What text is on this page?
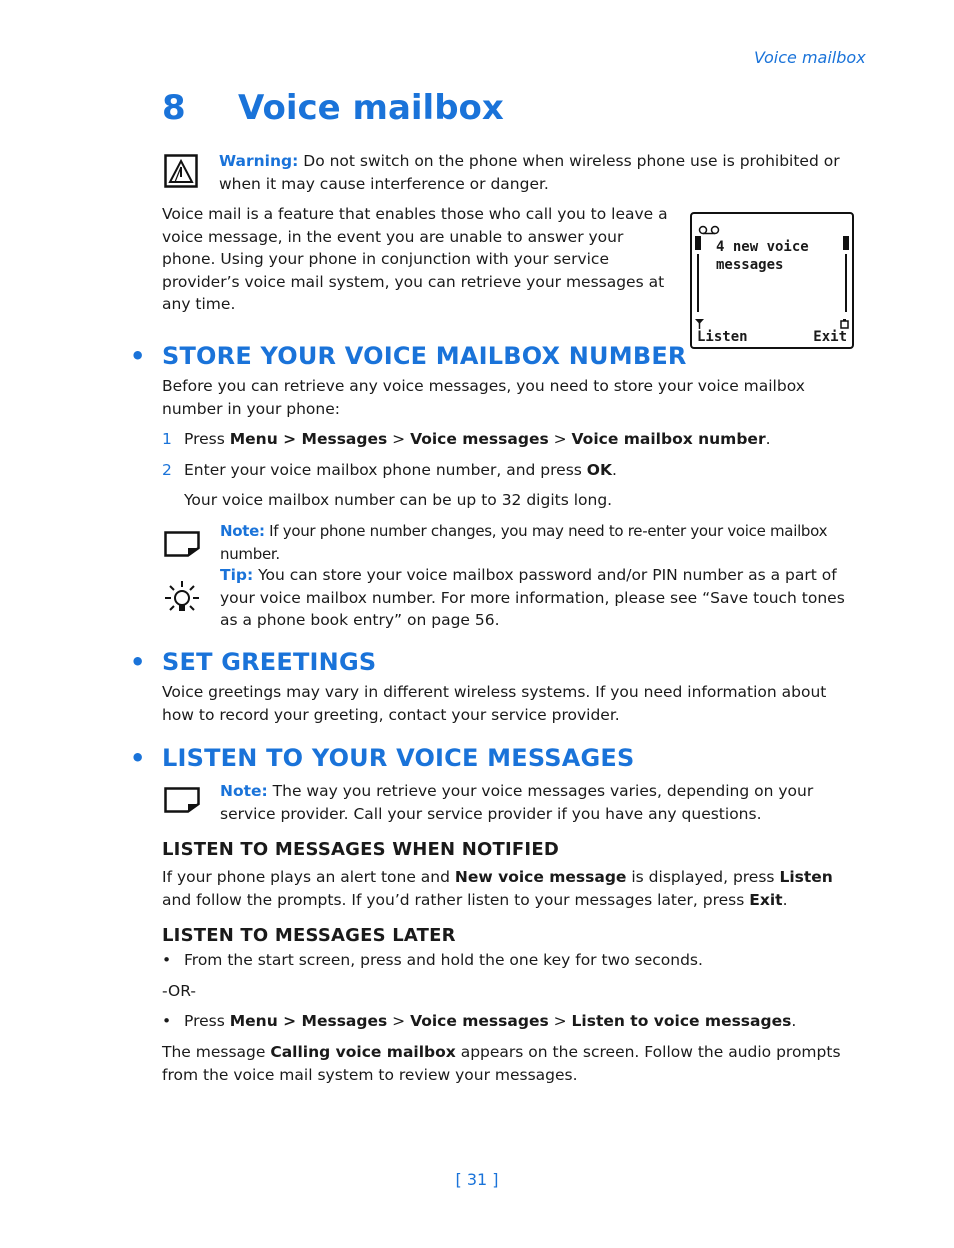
Voice mailbox
8 Voice mailbox
Warning: Do not switch on the phone when wireless phone use is prohibited or when it may cause interference or danger.
Voice mail is a feature that enables those who call you to leave a voice message, in the event you are unable to answer your phone. Using your phone in conjunction with your service provider’s voice mail system, you can retrieve your messages at any time.
4 new voice
messages
Listen	Exit
• STORE YOUR VOICE MAILBOX NUMBER
Before you can retrieve any voice messages, you need to store your voice mailbox number in your phone:
1 Press Menu > Messages > Voice messages > Voice mailbox number.
2 Enter your voice mailbox phone number, and press OK.
Your voice mailbox number can be up to 32 digits long.
Note: If your phone number changes, you may need to re-enter your voice mailbox number.
Tip: You can store your voice mailbox password and/or PIN number as a part of your voice mailbox number. For more information, please see “Save touch tones as a phone book entry” on page 56.
• SET GREETINGS
Voice greetings may vary in different wireless systems. If you need information about how to record your greeting, contact your service provider.
• LISTEN TO YOUR VOICE MESSAGES
Note: The way you retrieve your voice messages varies, depending on your service provider. Call your service provider if you have any questions.
LISTEN TO MESSAGES WHEN NOTIFIED
If your phone plays an alert tone and New voice message is displayed, press Listen and follow the prompts. If you’d rather listen to your messages later, press Exit.
LISTEN TO MESSAGES LATER
• From the start screen, press and hold the one key for two seconds.
-OR-
• Press Menu > Messages > Voice messages > Listen to voice messages.
The message Calling voice mailbox appears on the screen. Follow the audio prompts from the voice mail system to review your messages.
[ 31 ]
